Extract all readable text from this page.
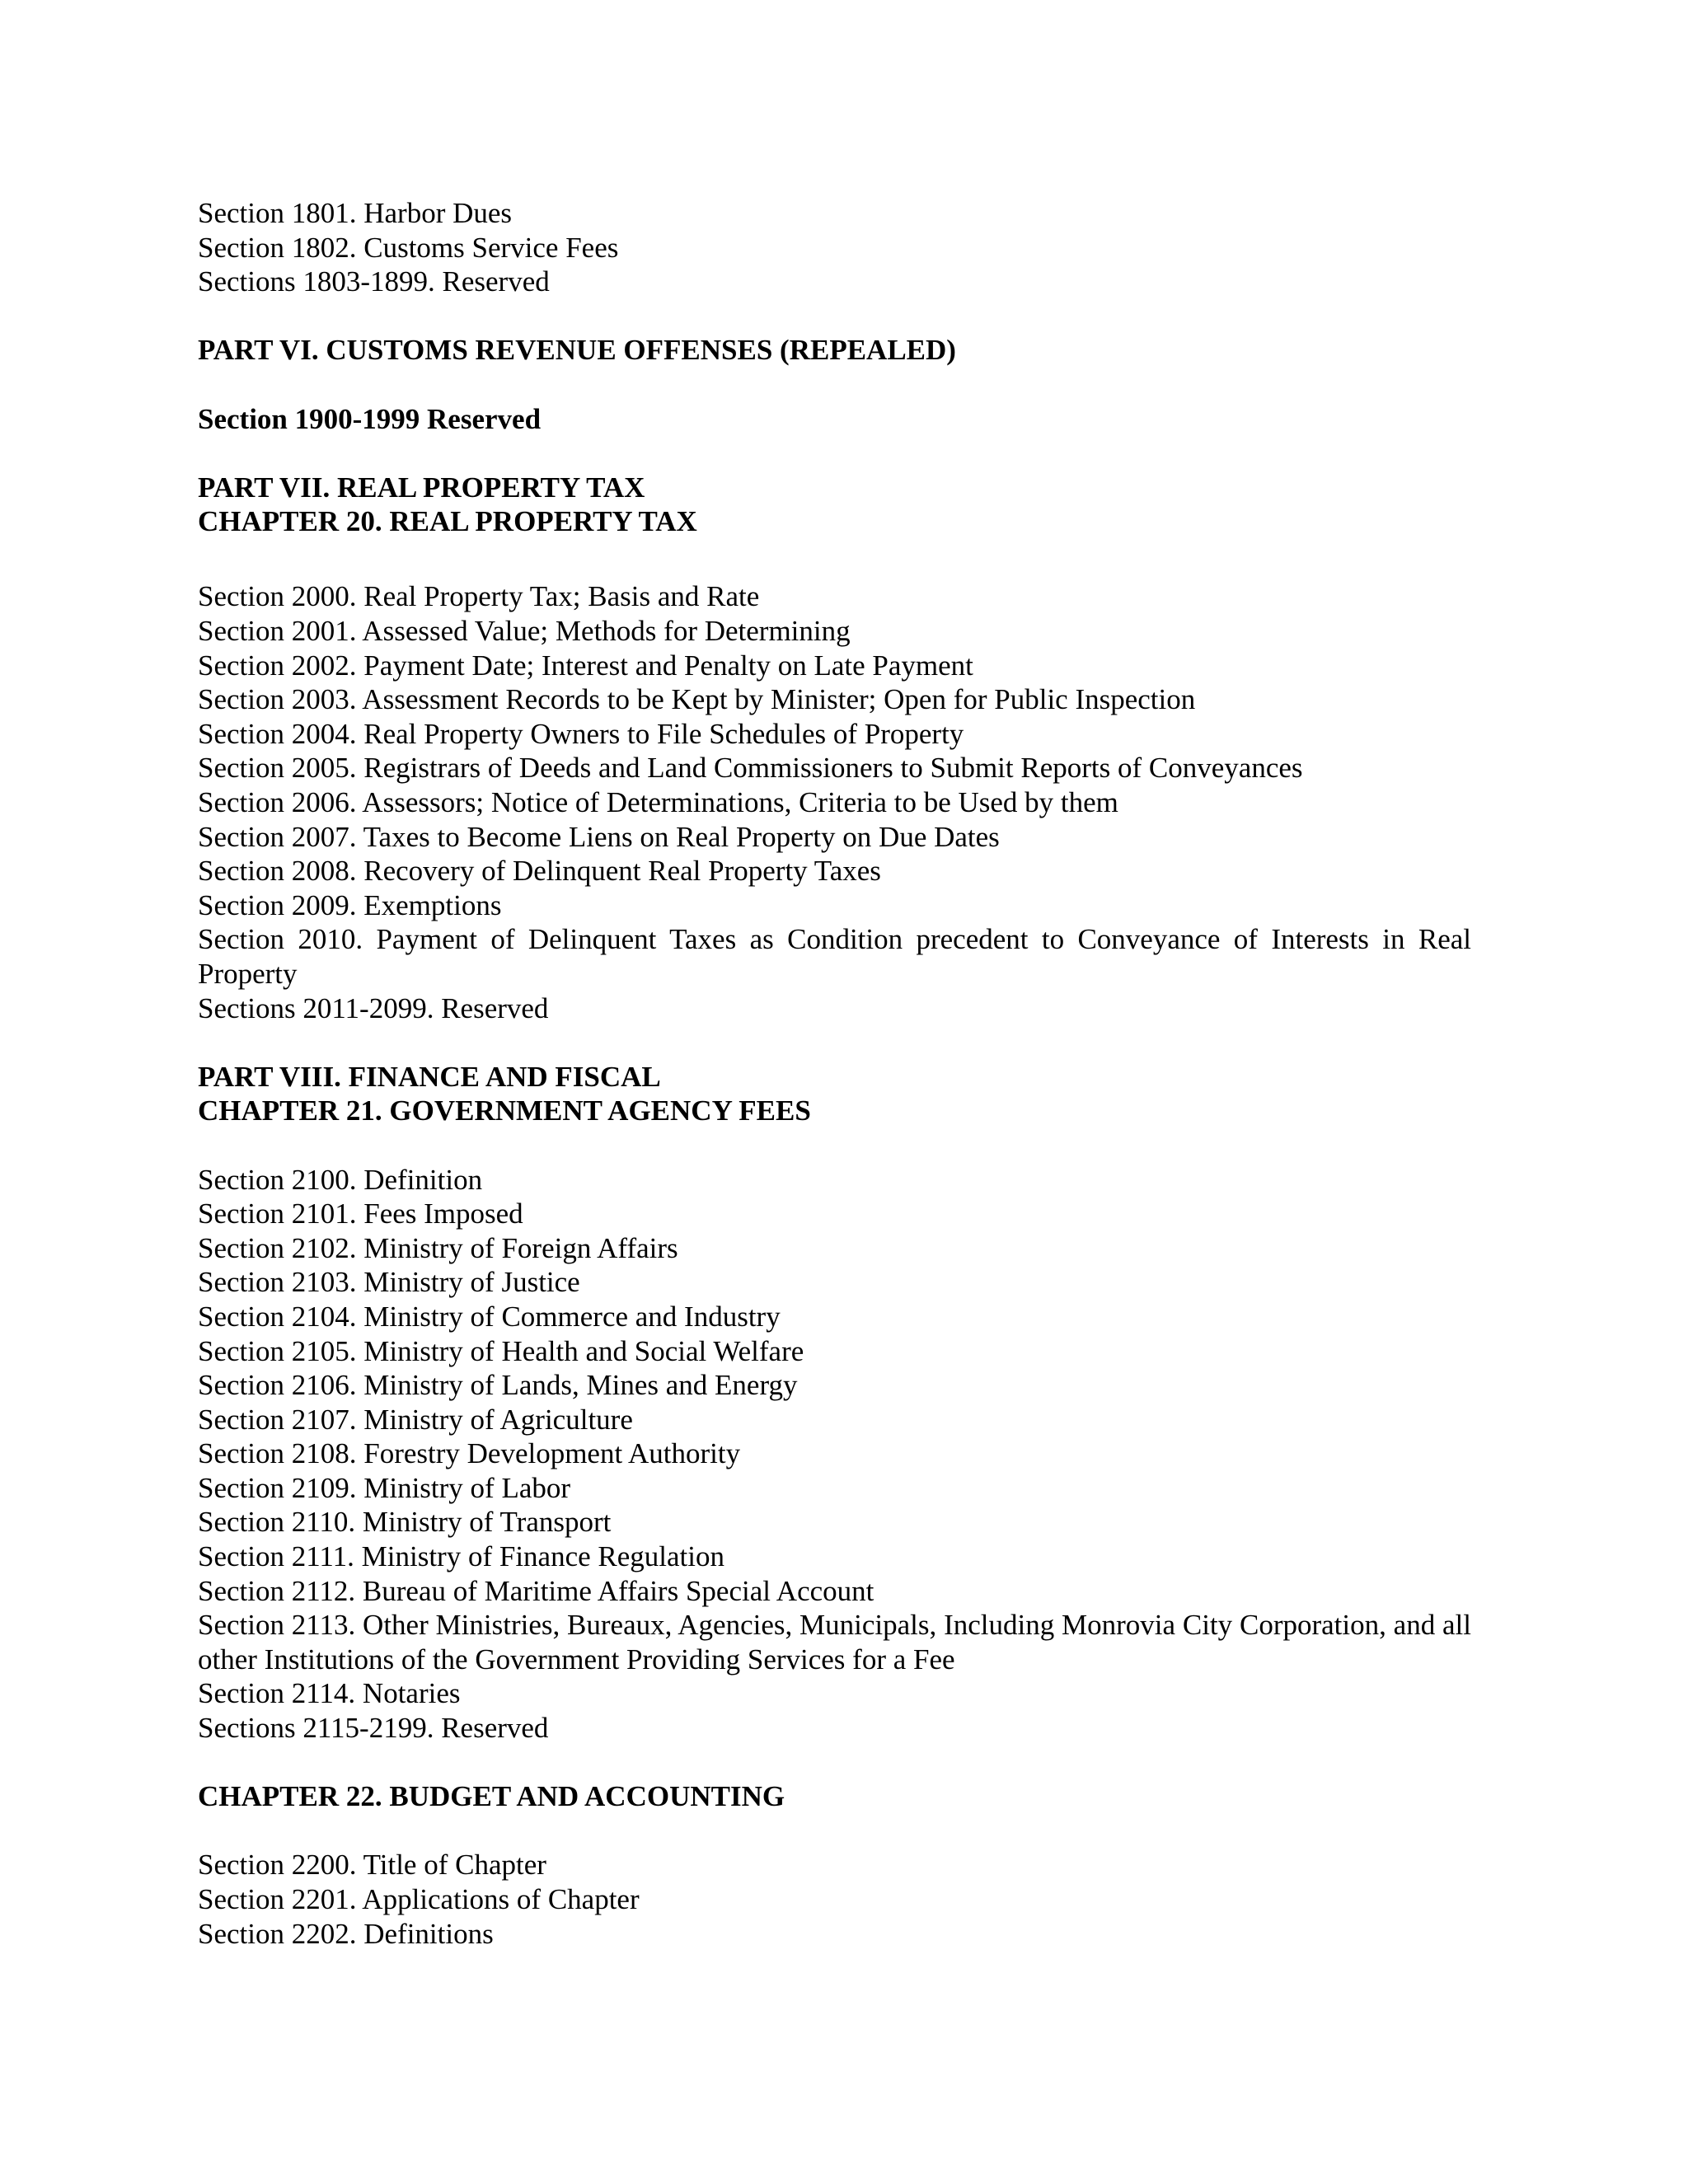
Section 1801. Harbor Dues
Section 1802. Customs Service Fees
Sections 1803-1899. Reserved
PART VI. CUSTOMS REVENUE OFFENSES (REPEALED)
Section 1900-1999 Reserved
PART VII. REAL PROPERTY TAX
CHAPTER 20. REAL PROPERTY TAX
Section 2000. Real Property Tax; Basis and Rate
Section 2001. Assessed Value; Methods for Determining
Section 2002. Payment Date; Interest and Penalty on Late Payment
Section 2003. Assessment Records to be Kept by Minister; Open for Public Inspection
Section 2004. Real Property Owners to File Schedules of Property
Section 2005. Registrars of Deeds and Land Commissioners to Submit Reports of Conveyances
Section 2006. Assessors; Notice of Determinations, Criteria to be Used by them
Section 2007. Taxes to Become Liens on Real Property on Due Dates
Section 2008. Recovery of Delinquent Real Property Taxes
Section 2009. Exemptions
Section 2010. Payment of Delinquent Taxes as Condition precedent to Conveyance of Interests in Real Property
Sections 2011-2099. Reserved
PART VIII. FINANCE AND FISCAL
CHAPTER 21. GOVERNMENT AGENCY FEES
Section 2100. Definition
Section 2101. Fees Imposed
Section 2102. Ministry of Foreign Affairs
Section 2103. Ministry of Justice
Section 2104. Ministry of Commerce and Industry
Section 2105. Ministry of Health and Social Welfare
Section 2106. Ministry of Lands, Mines and Energy
Section 2107. Ministry of Agriculture
Section 2108. Forestry Development Authority
Section 2109. Ministry of Labor
Section 2110. Ministry of Transport
Section 2111. Ministry of Finance Regulation
Section 2112. Bureau of Maritime Affairs Special Account
Section 2113. Other Ministries, Bureaux, Agencies, Municipals, Including Monrovia City Corporation, and all other Institutions of the Government Providing Services for a Fee
Section 2114. Notaries
Sections 2115-2199. Reserved
CHAPTER 22. BUDGET AND ACCOUNTING
Section 2200. Title of Chapter
Section 2201. Applications of Chapter
Section 2202. Definitions
